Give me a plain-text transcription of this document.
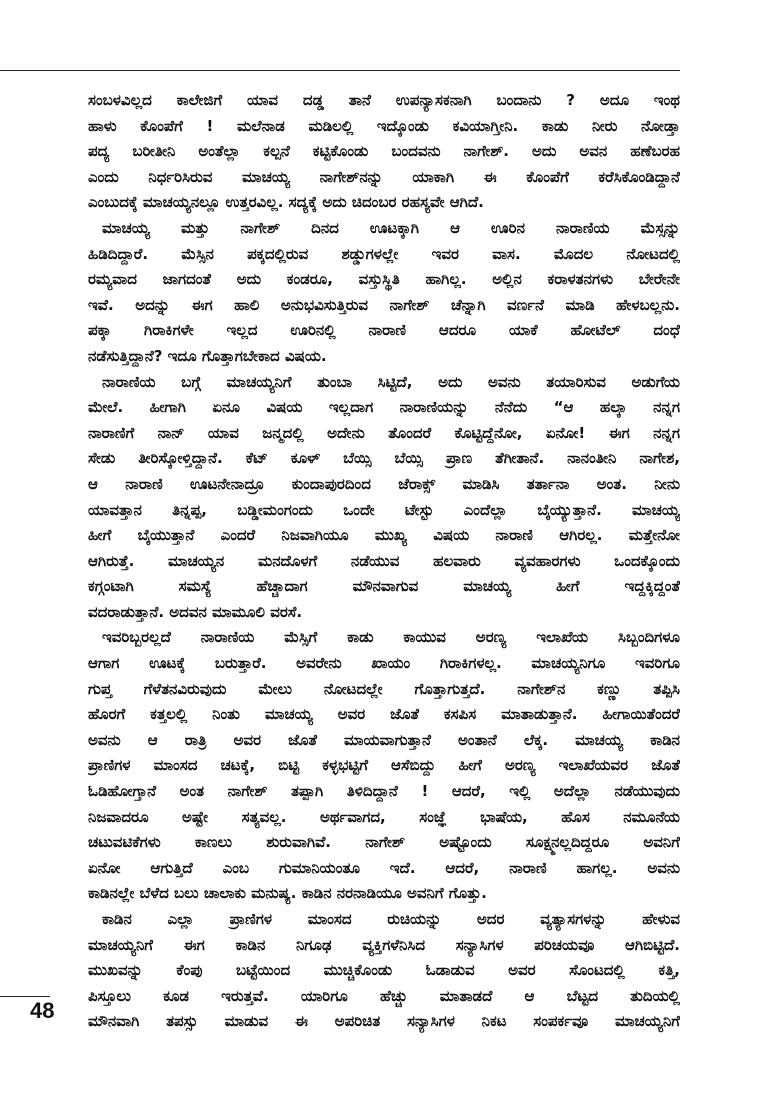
ಸಂಬಳವಿಲ್ಲದ ಕಾಲೇಜಿಗೆ ಯಾವ ದಡ್ಡ ತಾನೆ ಉಪನ್ಯಾಸಕನಾಗಿ ಬಂದಾನು ? ಅದೂ ಇಂಥ
ಹಾಳು ಕೊಂಪೆಗೆ ! ಮಲೆನಾಡ ಮಡಿಲಲ್ಲಿ ಇದ್ಕೊಂಡು ಕವಿಯಾಗ್ತೀನಿ. ಕಾಡು ನೀರು ನೋಡ್ತಾ
ಪದ್ಯ ಬರೀತೀನಿ ಅಂತೆಲ್ಲಾ ಕಲ್ಪನೆ ಕಟ್ಟಿಕೊಂಡು ಬಂದವನು ನಾಗೇಶ್. ಅದು ಅವನ ಹಣೆಬರಹ
ಎಂದು ನಿರ್ಧರಿಸಿರುವ ಮಾಚಯ್ಯ ನಾಗೇಶ್‌ನನ್ನು ಯಾಕಾಗಿ ಈ ಕೊಂಪೆಗೆ ಕರೆಸಿಕೊಂಡಿದ್ದಾನೆ
ಎಂಬುದಕ್ಕೆ ಮಾಚಯ್ಯನಲ್ಲೂ ಉತ್ತರವಿಲ್ಲ. ಸದ್ಯಕ್ಕೆ ಅದು ಚಿದಂಬರ ರಹಸ್ಯವೇ ಆಗಿದೆ.
ಮಾಚಯ್ಯ ಮತ್ತು ನಾಗೇಶ್ ದಿನದ ಊಟಕ್ಕಾಗಿ ಆ ಊರಿನ ನಾರಾಣಿಯ ಮೆಸ್ಸನ್ನು
ಹಿಡಿದಿದ್ದಾರೆ. ಮೆಸ್ಸಿನ ಪಕ್ಕದಲ್ಲಿರುವ ಶಡ್ಡುಗಳಲ್ಲೇ ಇವರ ವಾಸ. ಮೊದಲ ನೋಟದಲ್ಲಿ
ರಮ್ಯವಾದ ಜಾಗದಂತೆ ಅದು ಕಂಡರೂ, ವಸ್ತುಸ್ಥಿತಿ ಹಾಗಿಲ್ಲ. ಅಲ್ಲಿನ ಕರಾಳತನಗಳು ಬೇರೇನೇ
ಇವೆ. ಅದನ್ನು ಈಗ ಹಾಲಿ ಅನುಭವಿಸುತ್ತಿರುವ ನಾಗೇಶ್ ಚೆನ್ನಾಗಿ ವರ್ಣನೆ ಮಾಡಿ ಹೇಳಬಲ್ಲನು.
ಪಕ್ಕಾ ಗಿರಾಕಿಗಳೇ ಇಲ್ಲದ ಊರಿನಲ್ಲಿ ನಾರಾಣಿ ಆದರೂ ಯಾಕೆ ಹೋಟೆಲ್ ದಂಧೆ
ನಡೆಸುತ್ತಿದ್ದಾನೆ? ಇದೂ ಗೊತ್ತಾಗಬೇಕಾದ ವಿಷಯ.
ನಾರಾಣಿಯ ಬಗ್ಗೆ ಮಾಚಯ್ಯನಿಗೆ ತುಂಬಾ ಸಿಟ್ಟಿದೆ, ಅದು ಅವನು ತಯಾರಿಸುವ ಅಡುಗೆಯ
ಮೇಲೆ. ಹೀಗಾಗಿ ಏನೂ ವಿಷಯ ಇಲ್ಲದಾಗ ನಾರಾಣಿಯನ್ನು ನೆನೆದು “ಆ ಹಲ್ಕಾ ನನ್ನಗ
ನಾರಾಣಿಗೆ ನಾನ್ ಯಾವ ಜನ್ಮದಲ್ಲಿ ಅದೇನು ತೊಂದರೆ ಕೊಟ್ಟಿದ್ದೆನೋ, ಏನೋ! ಈಗ ನನ್ನಗ
ಸೇಡು ತೀರಿಸ್ಕೋಳ್ತಿದ್ದಾನೆ. ಕೆಟ್ ಕೂಳ್ ಬೆಯ್ಸಿ ಬೆಯ್ಸಿ ಪ್ರಾಣ ತೆಗೀತಾನೆ. ನಾನಂತೀನಿ ನಾಗೇಶ,
ಆ ನಾರಾಣಿ ಊಟನೇನಾದ್ರೂ ಕುಂದಾಪುರದಿಂದ ಜೆರಾಕ್ಸ್ ಮಾಡಿಸಿ ತರ್ತಾನಾ ಅಂತ. ನೀನು
ಯಾವತ್ತಾನ ತಿನ್ನಪ್ಪ, ಬಡ್ಡೀಮಂಗಂದು ಒಂದೇ ಟೇಸ್ಟು ಎಂದೆಲ್ಲಾ ಬೈಯ್ಯುತ್ತಾನೆ. ಮಾಚಯ್ಯ
ಹೀಗೆ ಬೈಯುತ್ತಾನೆ ಎಂದರೆ ನಿಜವಾಗಿಯೂ ಮುಖ್ಯ ವಿಷಯ ನಾರಾಣಿ ಆಗಿರಲ್ಲ. ಮತ್ತೇನೋ
ಆಗಿರುತ್ತೆ. ಮಾಚಯ್ಯನ ಮನದೊಳಗೆ ನಡೆಯುವ ಹಲವಾರು ವ್ಯವಹಾರಗಳು ಒಂದಕ್ಕೊಂದು
ಕಗ್ಗಂಟಾಗಿ ಸಮಸ್ಯೆ ಹೆಚ್ಚಾದಾಗ ಮೌನವಾಗುವ ಮಾಚಯ್ಯ ಹೀಗೆ ಇದ್ದಕ್ಕಿದ್ದಂತೆ
ವದರಾಡುತ್ತಾನೆ. ಅದವನ ಮಾಮೂಲಿ ವರಸೆ.
ಇವರಿಬ್ಬರಲ್ಲದೆ ನಾರಾಣಿಯ ಮೆಸ್ಸಿಗೆ ಕಾಡು ಕಾಯುವ ಅರಣ್ಯ ಇಲಾಖೆಯ ಸಿಬ್ಬಂದಿಗಳೂ
ಆಗಾಗ ಊಟಕ್ಕೆ ಬರುತ್ತಾರೆ. ಅವರೇನು ಖಾಯಂ ಗಿರಾಕಿಗಳಲ್ಲ. ಮಾಚಯ್ಯನಿಗೂ ಇವರಿಗೂ
ಗುಪ್ತ ಗೆಳೆತನವಿರುವುದು ಮೇಲು ನೋಟದಲ್ಲೇ ಗೊತ್ತಾಗುತ್ತದೆ. ನಾಗೇಶ್‌ನ ಕಣ್ಣು ತಪ್ಪಿಸಿ
ಹೊರಗೆ ಕತ್ತಲಲ್ಲಿ ನಿಂತು ಮಾಚಯ್ಯ ಅವರ ಜೊತೆ ಕಸಪಿಸ ಮಾತಾಡುತ್ತಾನೆ. ಹೀಗಾಯಿತೆಂದರೆ
ಅವನು ಆ ರಾತ್ರಿ ಅವರ ಜೊತೆ ಮಾಯವಾಗುತ್ತಾನೆ ಅಂತಾನೆ ಲೆಕ್ಕ. ಮಾಚಯ್ಯ ಕಾಡಿನ
ಪ್ರಾಣಿಗಳ ಮಾಂಸದ ಚಟಕ್ಕೆ, ಬಿಟ್ಟಿ ಕಳ್ಳಭಟ್ಟಿಗೆ ಆಸೆಬಿದ್ದು ಹೀಗೆ ಅರಣ್ಯ ಇಲಾಖೆಯವರ ಜೊತೆ
ಓಡಿಹೋಗ್ತಾನೆ ಅಂತ ನಾಗೇಶ್ ತಪ್ಪಾಗಿ ತಿಳಿದಿದ್ದಾನೆ ! ಆದರೆ, ಇಲ್ಲಿ ಅದೆಲ್ಲಾ ನಡೆಯುವುದು
ನಿಜವಾದರೂ ಅಷ್ಟೇ ಸತ್ಯವಲ್ಲ. ಅರ್ಥವಾಗದ, ಸಂಜ್ಞೆ ಭಾಷೆಯ, ಹೊಸ ನಮೂನೆಯ
ಚಟುವಟಿಕೆಗಳು ಕಾಣಲು ಶುರುವಾಗಿವೆ. ನಾಗೇಶ್ ಅಷ್ಟೊಂದು ಸೂಕ್ಷ್ಮನಲ್ಲದಿದ್ದರೂ ಅವನಿಗೆ
ಏನೋ ಆಗುತ್ತಿದೆ ಎಂಬ ಗುಮಾನಿಯಂತೂ ಇದೆ. ಆದರೆ, ನಾರಾಣಿ ಹಾಗಲ್ಲ. ಅವನು
ಕಾಡಿನಲ್ಲೇ ಬೆಳೆದ ಬಲು ಚಾಲಾಕು ಮನುಷ್ಯ. ಕಾಡಿನ ನರನಾಡಿಯೂ ಅವನಿಗೆ ಗೊತ್ತು.
ಕಾಡಿನ ಎಲ್ಲಾ ಪ್ರಾಣಿಗಳ ಮಾಂಸದ ರುಚಿಯನ್ನು ಅದರ ವ್ಯತ್ಯಾಸಗಳನ್ನು ಹೇಳುವ
ಮಾಚಯ್ಯನಿಗೆ ಈಗ ಕಾಡಿನ ನಿಗೂಢ ವ್ಯಕ್ತಿಗಳೆನಿಸಿದ ಸನ್ಯಾಸಿಗಳ ಪರಿಚಯವೂ ಆಗಿಬಿಟ್ಟಿದೆ.
ಮುಖವನ್ನು ಕೆಂಪು ಬಟ್ಟೆಯಿಂದ ಮುಚ್ಚಿಕೊಂಡು ಓಡಾಡುವ ಅವರ ಸೊಂಟದಲ್ಲಿ ಕತ್ತಿ,
ಪಿಸ್ತೂಲು ಕೂಡ ಇರುತ್ತವೆ. ಯಾರಿಗೂ ಹೆಚ್ಚು ಮಾತಾಡದೆ ಆ ಬೆಟ್ಟದ ತುದಿಯಲ್ಲಿ
ಮೌನವಾಗಿ ತಪಸ್ಸು ಮಾಡುವ ಈ ಅಪರಿಚಿತ ಸನ್ಯಾಸಿಗಳ ನಿಕಟ ಸಂಪರ್ಕವೂ ಮಾಚಯ್ಯನಿಗೆ
48
